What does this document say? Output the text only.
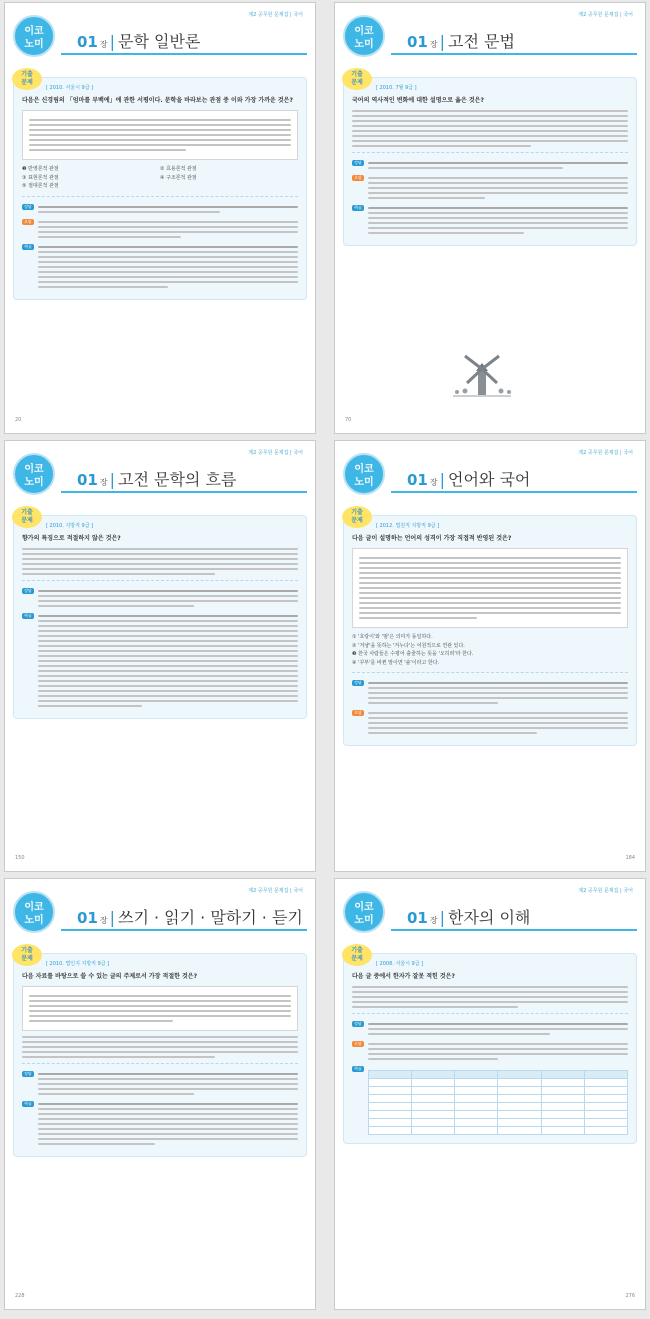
이코
노미
제2 공무원 문제집 | 국어
01 장 | 문학 일반론
기출
문제
[ 2010. 서울시 9급 ]
다음은 신경림의 「엄마를 부백에」에 관한 서평이다. 문학을 바라보는 관점 중 이와 가장 가까운 것은?
❶ 반영론적 관점	② 효용론적 관점
③ 표현론적 관점	④ 구조론적 관점
⑤ 절대론적 관점
정답
오답
핵심
20
이코
노미
제2 공무원 문제집 | 국어
01 장 | 고전 문법
기출
문제
[ 2010. 7월 9급 ]
국어의 역사적인 변화에 대한 설명으로 옳은 것은?
정답
오답
핵심
70
이코
노미
제2 공무원 문제집 | 국어
01 장 | 고전 문학의 흐름
기출
문제
[ 2010. 지방직 9급 ]
향가의 특징으로 적절하지 않은 것은?
정답
핵심
150
이코
노미
제2 공무원 문제집 | 국어
01 장 | 언어와 국어
기출
문제
[ 2012. 법원직 지방직 9급 ]
다음 글이 설명하는 언어의 성격이 가장 직접적 반영된 것은?
① '호랑이'와 '범'은 의미가 동일하다.
② '겨냥'을 뜻하는 '겨누다'는 어원적으로 연관 있다.
❸ 한국 사람들은 수평어 출줄하는 뜻을 '오히려'라 한다.
④ '꾸부'를 바뀐 말이면 '솔'이라고 한다.
정답
오답
184
이코
노미
제2 공무원 문제집 | 국어
01 장 | 쓰기 · 읽기 · 말하기 · 듣기
기출
문제
[ 2010. 법인지 지방직 9급 ]
다음 자료를 바탕으로 쓸 수 있는 글의 주제로서 가장 적절한 것은?
정답
핵심
228
이코
노미
제2 공무원 문제집 | 국어
01 장 | 한자의 이해
기출
문제
[ 2008. 서울시 9급 ]
다음 글 중에서 한자가 잘못 적힌 것은?
정답
오답
핵심

276
